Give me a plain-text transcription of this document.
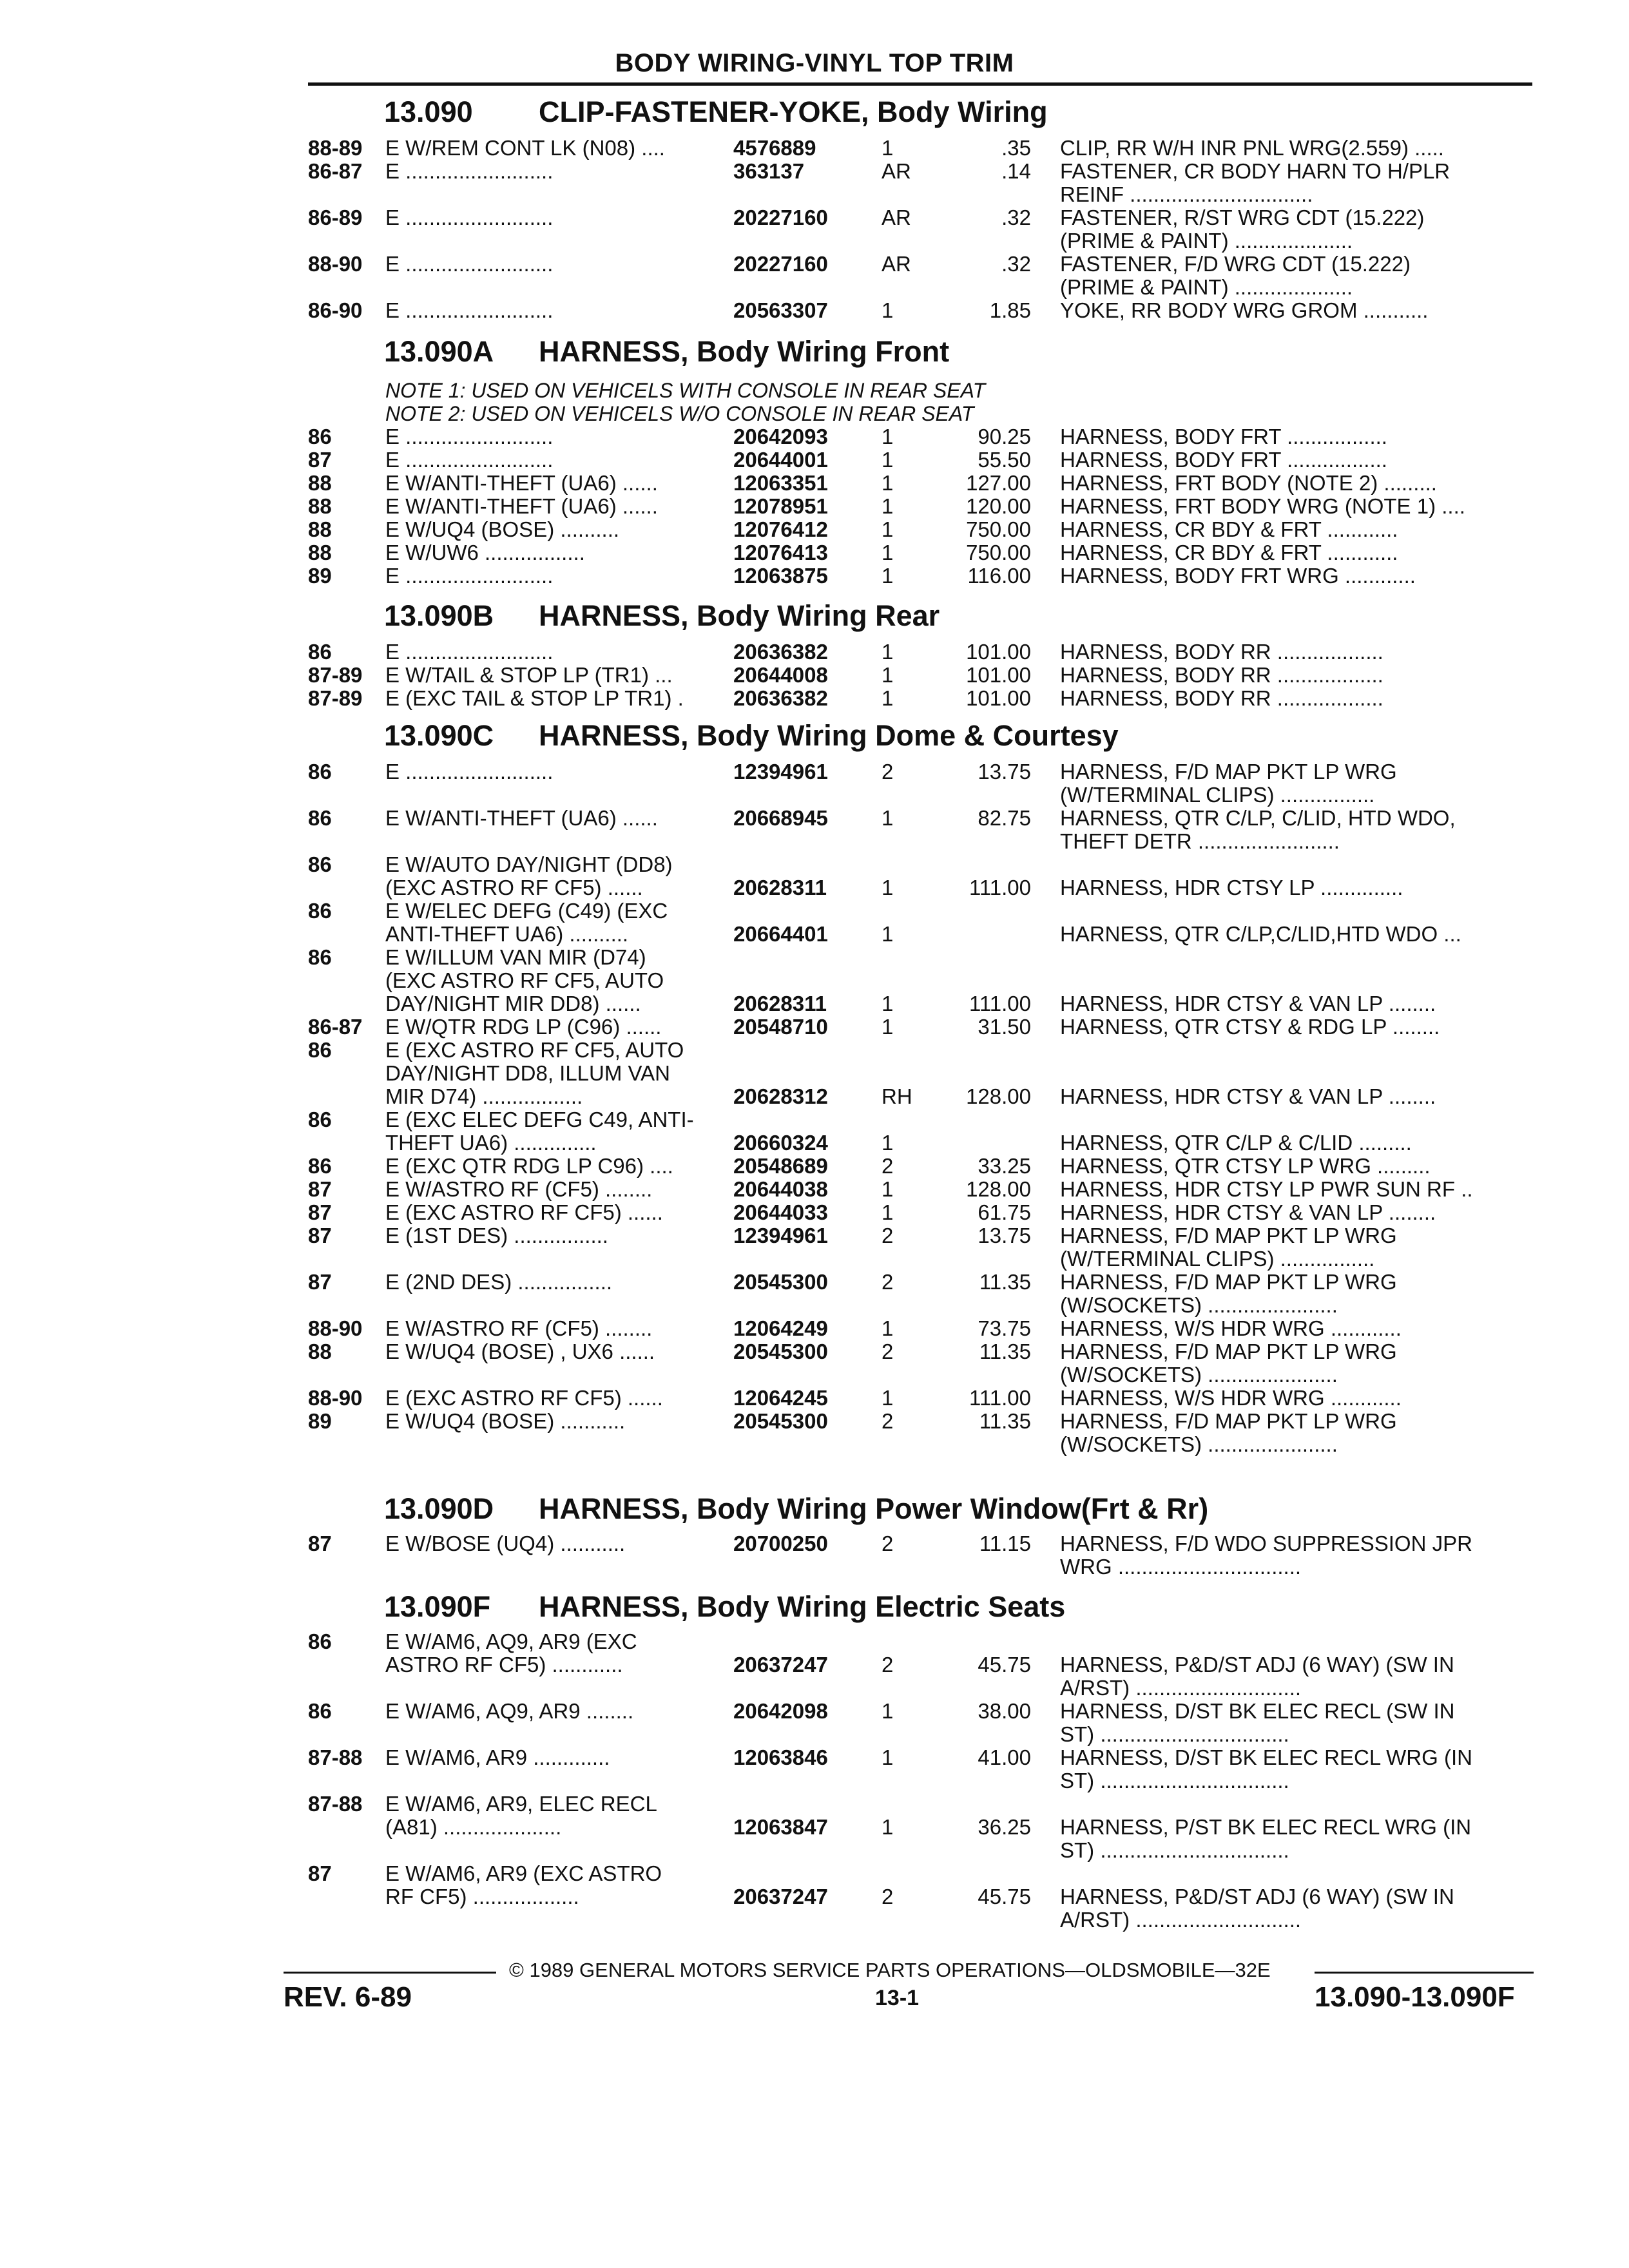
BODY WIRING-VINYL TOP TRIM
13.090 CLIP-FASTENER-YOKE, Body Wiring
88-89 E W/REM CONT LK (N08) ....	4576889	1	.35 CLIP, RR W/H INR PNL WRG(2.559) .....
86-87 E .........................	363137	AR	.14 FASTENER, CR BODY HARN TO H/PLR
REINF ...............................
86-89 E .........................	20227160	AR	.32 FASTENER, R/ST WRG CDT (15.222)
(PRIME & PAINT) ....................
88-90 E .........................	20227160	AR	.32 FASTENER, F/D WRG CDT (15.222)
(PRIME & PAINT) ....................
86-90 E .........................	20563307	1	1.85 YOKE, RR BODY WRG GROM ...........
13.090A HARNESS, Body Wiring Front
NOTE 1: USED ON VEHICELS WITH CONSOLE IN REAR SEAT
NOTE 2: USED ON VEHICELS W/O CONSOLE IN REAR SEAT
86	E .........................	20642093	1	90.25 HARNESS, BODY FRT .................
87	E .........................	20644001	1	55.50 HARNESS, BODY FRT .................
88	E W/ANTI-THEFT (UA6) ......	12063351	1	127.00 HARNESS, FRT BODY (NOTE 2) .........
88	E W/ANTI-THEFT (UA6) ......	12078951	1	120.00 HARNESS, FRT BODY WRG (NOTE 1) ....
88	E W/UQ4 (BOSE) ..........	12076412	1	750.00 HARNESS, CR BDY & FRT ............
88	E W/UW6 .................	12076413	1	750.00 HARNESS, CR BDY & FRT ............
89	E .........................	12063875	1	116.00 HARNESS, BODY FRT WRG ............
13.090B HARNESS, Body Wiring Rear
86	E .........................	20636382	1	101.00 HARNESS, BODY RR ..................
87-89 E W/TAIL & STOP LP (TR1) ...	20644008	1	101.00 HARNESS, BODY RR ..................
87-89 E (EXC TAIL & STOP LP TR1) . 20636382	1	101.00 HARNESS, BODY RR ..................
13.090C HARNESS, Body Wiring Dome & Courtesy
86	E .........................	12394961	2	13.75 HARNESS, F/D MAP PKT LP WRG
(W/TERMINAL CLIPS) ................
86	E W/ANTI-THEFT (UA6) ......	20668945	1	82.75 HARNESS, QTR C/LP, C/LID, HTD WDO,
THEFT DETR ........................
86	E W/AUTO DAY/NIGHT (DD8)
(EXC ASTRO RF CF5) ......	20628311	1	111.00 HARNESS, HDR CTSY LP ..............
86	E W/ELEC DEFG (C49) (EXC
ANTI-THEFT UA6) ..........	20664401	1	HARNESS, QTR C/LP,C/LID,HTD WDO ...
86	E W/ILLUM VAN MIR (D74)
(EXC ASTRO RF CF5, AUTO
DAY/NIGHT MIR DD8) ......	20628311	1	111.00 HARNESS, HDR CTSY & VAN LP ........
86-87 E W/QTR RDG LP (C96) ......	20548710	1	31.50 HARNESS, QTR CTSY & RDG LP ........
86	E (EXC ASTRO RF CF5, AUTO
DAY/NIGHT DD8, ILLUM VAN
MIR D74) .................	20628312	RH	128.00 HARNESS, HDR CTSY & VAN LP ........
86	E (EXC ELEC DEFG C49, ANTI-
THEFT UA6) ..............	20660324	1	HARNESS, QTR C/LP & C/LID .........
86	E (EXC QTR RDG LP C96) ....	20548689	2	33.25 HARNESS, QTR CTSY LP WRG .........
87	E W/ASTRO RF (CF5) ........	20644038	1	128.00 HARNESS, HDR CTSY LP PWR SUN RF ..
87	E (EXC ASTRO RF CF5) ......	20644033	1	61.75 HARNESS, HDR CTSY & VAN LP ........
87	E (1ST DES) ................	12394961	2	13.75 HARNESS, F/D MAP PKT LP WRG
(W/TERMINAL CLIPS) ................
87	E (2ND DES) ................	20545300	2	11.35 HARNESS, F/D MAP PKT LP WRG
(W/SOCKETS) ......................
88-90 E W/ASTRO RF (CF5) ........	12064249	1	73.75 HARNESS, W/S HDR WRG ............
88	E W/UQ4 (BOSE) , UX6 ......	20545300	2	11.35 HARNESS, F/D MAP PKT LP WRG
(W/SOCKETS) ......................
88-90 E (EXC ASTRO RF CF5) ......	12064245	1	111.00 HARNESS, W/S HDR WRG ............
89	E W/UQ4 (BOSE) ...........	20545300	2	11.35 HARNESS, F/D MAP PKT LP WRG
(W/SOCKETS) ......................
13.090D HARNESS, Body Wiring Power Window(Frt & Rr)
87	E W/BOSE (UQ4) ...........	20700250	2	11.15 HARNESS, F/D WDO SUPPRESSION JPR
WRG ...............................
13.090F HARNESS, Body Wiring Electric Seats
86	E W/AM6, AQ9, AR9 (EXC
ASTRO RF CF5) ............	20637247	2	45.75 HARNESS, P&D/ST ADJ (6 WAY) (SW IN
A/RST) ............................
86	E W/AM6, AQ9, AR9 ........	20642098	1	38.00 HARNESS, D/ST BK ELEC RECL (SW IN
ST) ................................
87-88 E W/AM6, AR9 .............	12063846	1	41.00 HARNESS, D/ST BK ELEC RECL WRG (IN
ST) ................................
87-88 E W/AM6, AR9, ELEC RECL
(A81) ....................	12063847	1	36.25 HARNESS, P/ST BK ELEC RECL WRG (IN
ST) ................................
87	E W/AM6, AR9 (EXC ASTRO
RF CF5) ..................	20637247	2	45.75 HARNESS, P&D/ST ADJ (6 WAY) (SW IN
A/RST) ............................
© 1989 GENERAL MOTORS SERVICE PARTS OPERATIONS—OLDSMOBILE—32E
REV. 6-89	13-1	13.090-13.090F
